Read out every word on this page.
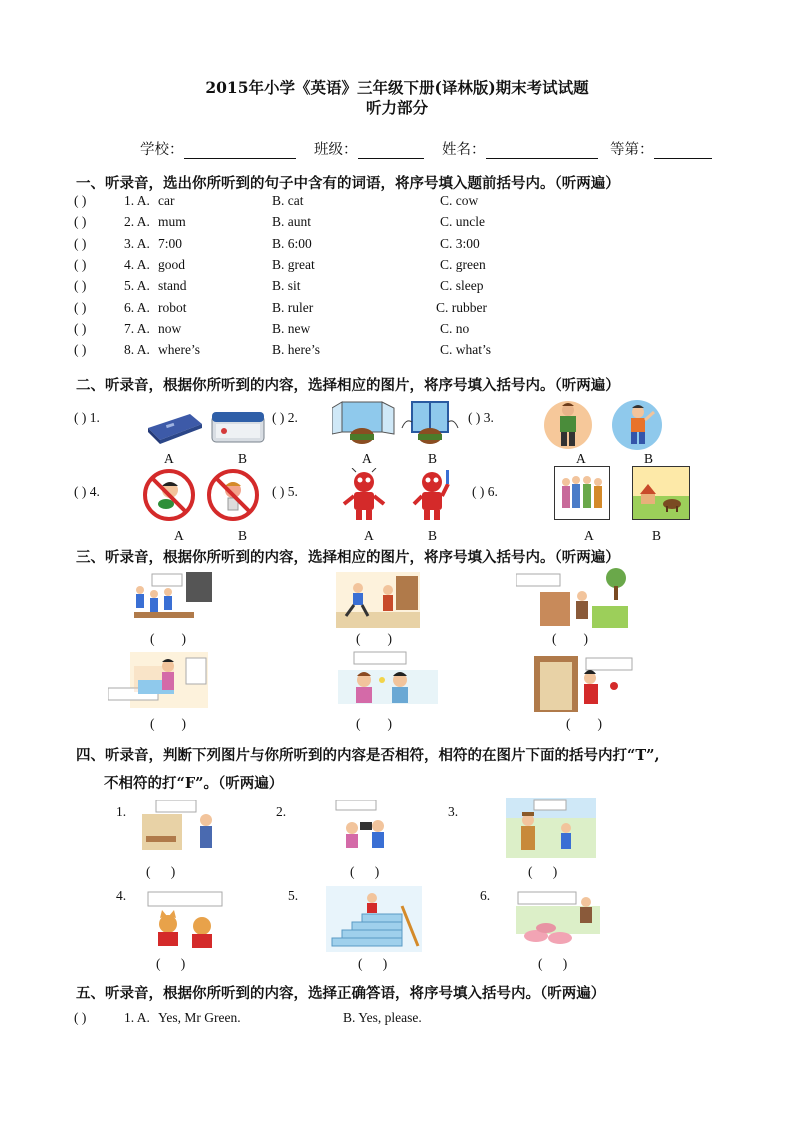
2015年小学《英语》三年级下册(译林版)期末考试试题
听力部分
学校：	班级：	姓名：	等第：
一、听录音，选出你所听到的句子中含有的词语，将序号填入题前括号内。（听两遍）
( )	1. A. car	B. cat	C. cow
( )	2. A. mum	B. aunt	C. uncle
( )	3. A. 7:00	B. 6:00	C. 3:00
( )	4. A. good	B. great	C. green
( )	5. A. stand	B. sit	C. sleep
( )	6. A. robot	B. ruler	C. rubber
( )	7. A. now	B. new	C. no
( )	8. A. where’s	B. here’s	C. what’s
二、听录音，根据你所听到的内容，选择相应的图片，将序号填入括号内。（听两遍）
( ) 1.
A	B
( ) 2.
A	B
( ) 3.
A	B
( ) 4.
A	B
( ) 5.
A	B
( ) 6.
A	B
三、听录音，根据你所听到的内容，选择相应的图片，将序号填入括号内。（听两遍）
(        )	(        )	(        )
(        )	(        )	(        )
四、听录音，判断下列图片与你所听到的内容是否相符，相符的在图片下面的括号内打“T”,
不相符的打“F”。（听两遍）
1.
(      )
2.
(      )
3.
(      )
4.
(      )
5.
(      )
6.
(      )
五、听录音，根据你所听到的内容，选择正确答语，将序号填入括号内。（听两遍）
( )	1. A. Yes, Mr Green.	B. Yes, please.
